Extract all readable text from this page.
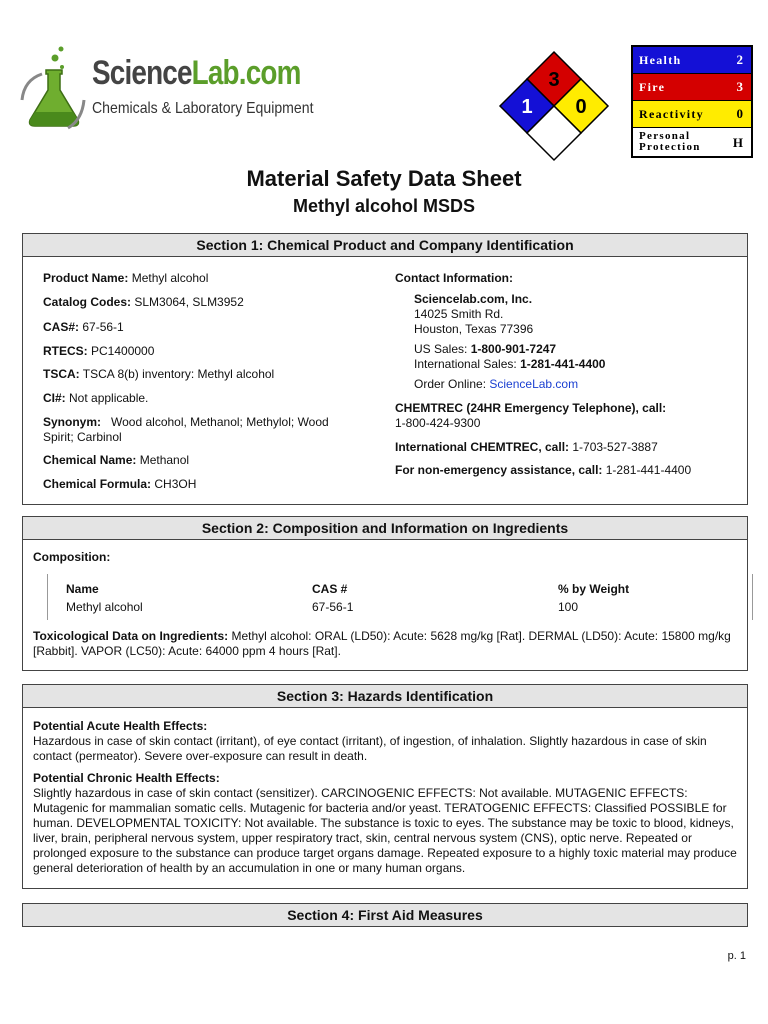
ScienceLab.com
Chemicals & Laboratory Equipment
3
1 0
Health	2
Fire	3
Reactivity	0
Personal
Protection H
Material Safety Data Sheet
Methyl alcohol MSDS
Section 1: Chemical Product and Company Identification
Product Name: Methyl alcohol
Catalog Codes: SLM3064, SLM3952
CAS#: 67-56-1
RTECS: PC1400000
TSCA: TSCA 8(b) inventory: Methyl alcohol
CI#: Not applicable.
Synonym:   Wood alcohol, Methanol; Methylol; Wood Spirit; Carbinol
Chemical Name: Methanol
Chemical Formula: CH3OH
Contact Information:
Sciencelab.com, Inc.
14025 Smith Rd.
Houston, Texas 77396
US Sales: 1-800-901-7247
International Sales: 1-281-441-4400
Order Online: ScienceLab.com
CHEMTREC (24HR Emergency Telephone), call:
1-800-424-9300
International CHEMTREC, call: 1-703-527-3887
For non-emergency assistance, call: 1-281-441-4400
Section 2: Composition and Information on Ingredients
Composition:
Name	CAS #	% by Weight
Methyl alcohol	67-56-1	100
Toxicological Data on Ingredients: Methyl alcohol: ORAL (LD50): Acute: 5628 mg/kg [Rat]. DERMAL (LD50): Acute: 15800 mg/kg [Rabbit]. VAPOR (LC50): Acute: 64000 ppm 4 hours [Rat].
Section 3: Hazards Identification
Potential Acute Health Effects:
Hazardous in case of skin contact (irritant), of eye contact (irritant), of ingestion, of inhalation. Slightly hazardous in case of skin contact (permeator). Severe over-exposure can result in death.
Potential Chronic Health Effects:
Slightly hazardous in case of skin contact (sensitizer). CARCINOGENIC EFFECTS: Not available. MUTAGENIC EFFECTS: Mutagenic for mammalian somatic cells. Mutagenic for bacteria and/or yeast. TERATOGENIC EFFECTS: Classified POSSIBLE for human. DEVELOPMENTAL TOXICITY: Not available. The substance is toxic to eyes. The substance may be toxic to blood, kidneys, liver, brain, peripheral nervous system, upper respiratory tract, skin, central nervous system (CNS), optic nerve. Repeated or prolonged exposure to the substance can produce target organs damage. Repeated exposure to a highly toxic material may produce general deterioration of health by an accumulation in one or many human organs.
Section 4: First Aid Measures
p. 1
